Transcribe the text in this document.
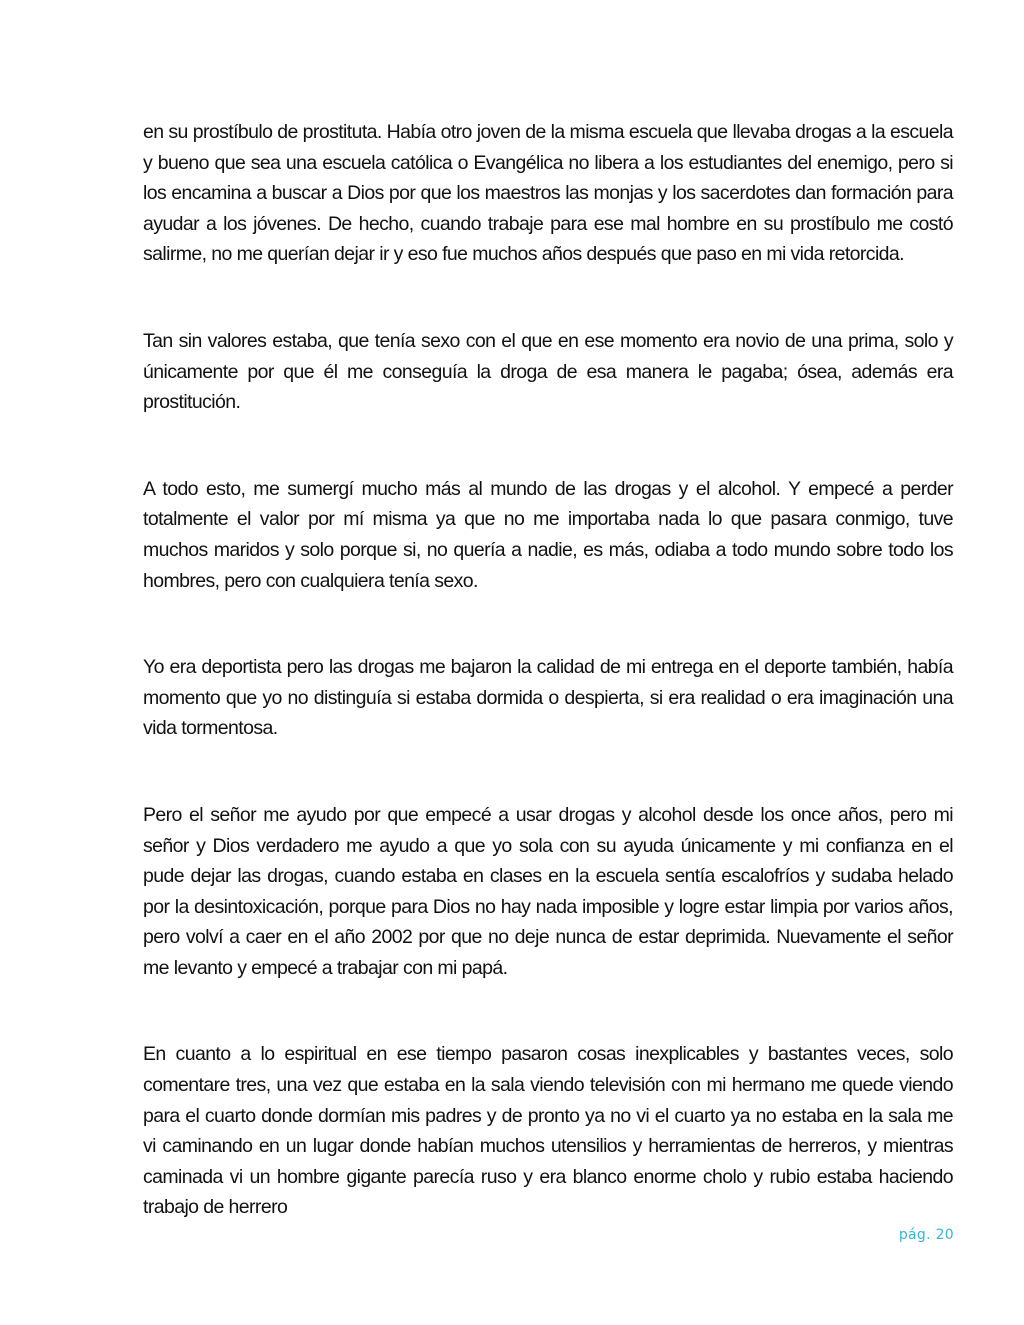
en su prostíbulo de prostituta. Había otro joven de la misma escuela que llevaba drogas a la escuela y bueno que sea una escuela católica o Evangélica no libera a los estudiantes del enemigo, pero si los encamina a buscar a Dios por que los maestros las monjas y los sacerdotes dan formación para ayudar a los jóvenes. De hecho, cuando trabaje para ese mal hombre en su prostíbulo me costó salirme, no me querían dejar ir y eso fue muchos años después que paso en mi vida retorcida.

Tan sin valores estaba, que tenía sexo con el que en ese momento era novio de una prima, solo y únicamente por que él me conseguía la droga de esa manera le pagaba; ósea, además era prostitución.

A todo esto, me sumergí mucho más al mundo de las drogas y el alcohol. Y empecé a perder totalmente el valor por mí misma ya que no me importaba nada lo que pasara conmigo, tuve muchos maridos y solo porque si, no quería a nadie, es más, odiaba a todo mundo sobre todo los hombres, pero con cualquiera tenía sexo.

Yo era deportista pero las drogas me bajaron la calidad de mi entrega en el deporte también, había momento que yo no distinguía si estaba dormida o despierta, si era realidad o era imaginación una vida tormentosa.

Pero el señor me ayudo por que empecé a usar drogas y alcohol desde los once años, pero mi señor y Dios verdadero me ayudo a que yo sola con su ayuda únicamente y mi confianza en el pude dejar las drogas, cuando estaba en clases en la escuela sentía escalofríos y sudaba helado por la desintoxicación, porque para Dios no hay nada imposible y logre estar limpia por varios años, pero volví a caer en el año 2002 por que no deje nunca de estar deprimida. Nuevamente el señor me levanto y empecé a trabajar con mi papá.

En cuanto a lo espiritual en ese tiempo pasaron cosas inexplicables y bastantes veces, solo comentare tres, una vez que estaba en la sala viendo televisión con mi hermano me quede viendo para el cuarto donde dormían mis padres y de pronto ya no vi el cuarto ya no estaba en la sala me vi caminando en un lugar donde habían muchos utensilios y herramientas de herreros, y mientras caminada vi un hombre gigante parecía ruso y era blanco enorme cholo y rubio estaba haciendo trabajo de herrero

pág. 20
